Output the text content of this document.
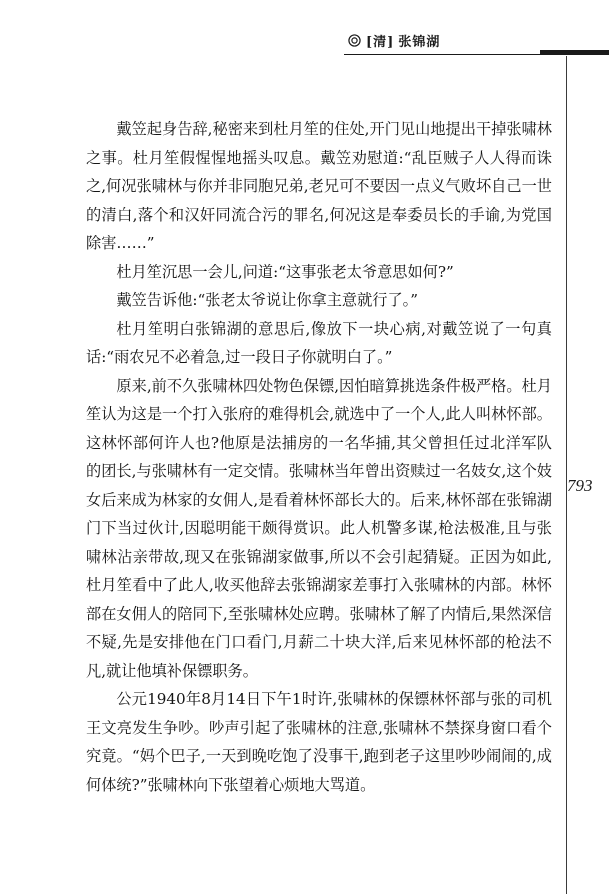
[清] 张锦湖
793

戴笠起身告辞,秘密来到杜月笙的住处,开门见山地提出干掉张啸林之事。杜月笙假惺惺地摇头叹息。戴笠劝慰道:“乱臣贼子人人得而诛之,何况张啸林与你并非同胞兄弟,老兄可不要因一点义气败坏自己一世的清白,落个和汉奸同流合污的罪名,何况这是奉委员长的手谕,为党国除害……”

杜月笙沉思一会儿,问道:“这事张老太爷意思如何?”

戴笠告诉他:“张老太爷说让你拿主意就行了。”

杜月笙明白张锦湖的意思后,像放下一块心病,对戴笠说了一句真话:“雨农兄不必着急,过一段日子你就明白了。”

原来,前不久张啸林四处物色保镖,因怕暗算挑选条件极严格。杜月笙认为这是一个打入张府的难得机会,就选中了一个人,此人叫林怀部。这林怀部何许人也?他原是法捕房的一名华捕,其父曾担任过北洋军队的团长,与张啸林有一定交情。张啸林当年曾出资赎过一名妓女,这个妓女后来成为林家的女佣人,是看着林怀部长大的。后来,林怀部在张锦湖门下当过伙计,因聪明能干颇得赏识。此人机警多谋,枪法极准,且与张啸林沾亲带故,现又在张锦湖家做事,所以不会引起猜疑。正因为如此,杜月笙看中了此人,收买他辞去张锦湖家差事打入张啸林的内部。林怀部在女佣人的陪同下,至张啸林处应聘。张啸林了解了内情后,果然深信不疑,先是安排他在门口看门,月薪二十块大洋,后来见林怀部的枪法不凡,就让他填补保镖职务。

公元1940年8月14日下午1时许,张啸林的保镖林怀部与张的司机王文亮发生争吵。吵声引起了张啸林的注意,张啸林不禁探身窗口看个究竟。“妈个巴子,一天到晚吃饱了没事干,跑到老子这里吵吵闹闹的,成何体统?”张啸林向下张望着心烦地大骂道。
